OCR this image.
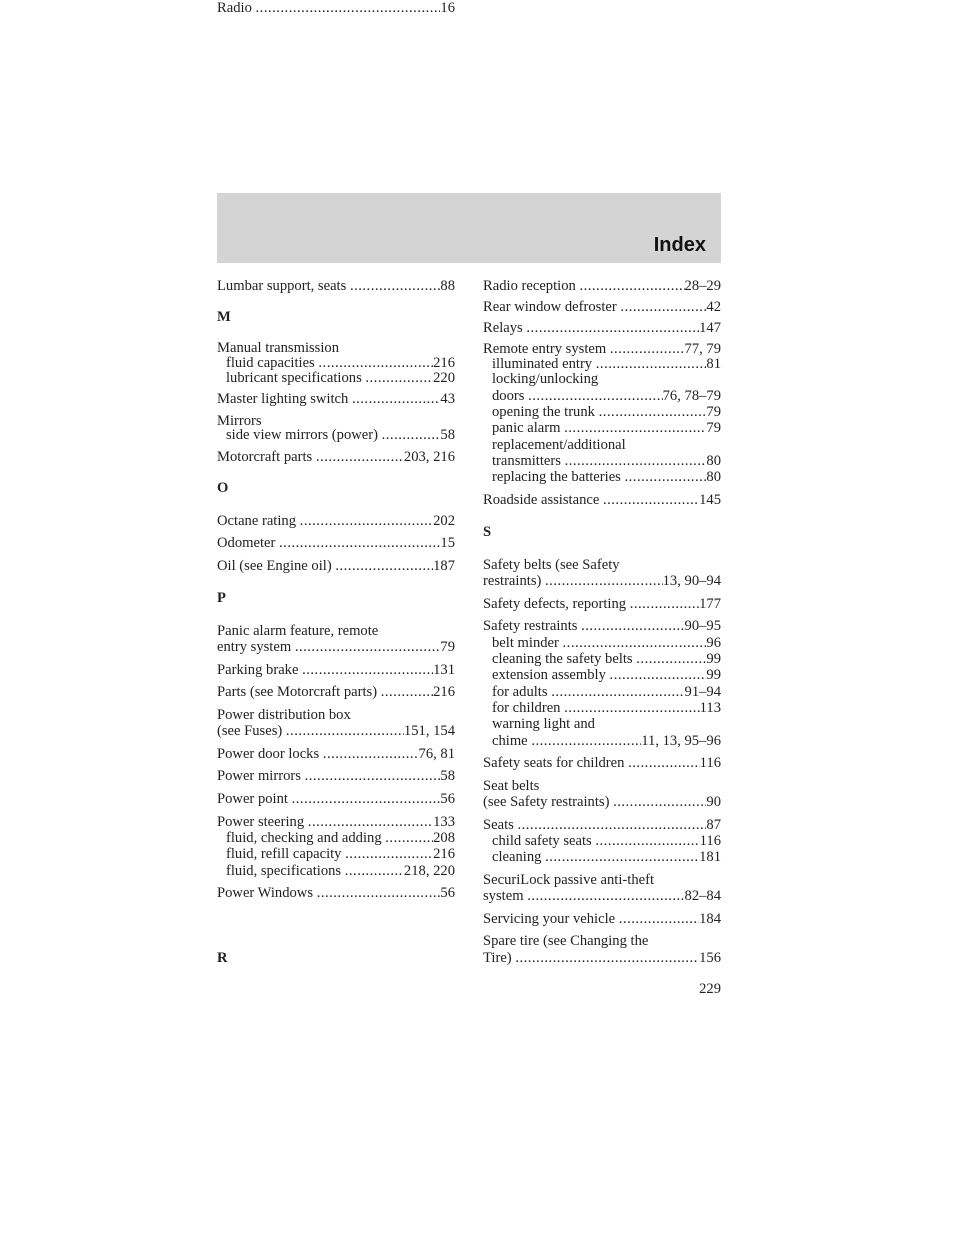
Index
Lumbar support, seats .....	88
M
Manual transmission
fluid capacities .....	216
lubricant specifications .....	220
Master lighting switch .....	43
Mirrors
side view mirrors (power) .....	58
Motorcraft parts .....	203, 216
O
Octane rating .....	202
Odometer .....	15
Oil (see Engine oil) .....	187
P
Panic alarm feature, remote
entry system .....	79
Parking brake .....	131
Parts (see Motorcraft parts) .....	216
Power distribution box
(see Fuses) .....	151, 154
Power door locks .....	76, 81
Power mirrors .....	58
Power point .....	56
Power steering .....	133
fluid, checking and adding .....	208
fluid, refill capacity .....	216
fluid, specifications .....	218, 220
Power Windows .....	56
R
Radio .....	16
Radio reception .....	28–29
Rear window defroster .....	42
Relays .....	147
Remote entry system .....	77, 79
illuminated entry .....	81
locking/unlocking
doors .....	76, 78–79
opening the trunk .....	79
panic alarm .....	79
replacement/additional
transmitters .....	80
replacing the batteries .....	80
Roadside assistance .....	145
S
Safety belts (see Safety
restraints) .....	13, 90–94
Safety defects, reporting .....	177
Safety restraints .....	90–95
belt minder .....	96
cleaning the safety belts .....	99
extension assembly .....	99
for adults .....	91–94
for children .....	113
warning light and
chime .....	11, 13, 95–96
Safety seats for children .....	116
Seat belts
(see Safety restraints) .....	90
Seats .....	87
child safety seats .....	116
cleaning .....	181
SecuriLock passive anti-theft
system .....	82–84
Servicing your vehicle .....	184
Spare tire (see Changing the
Tire) .....	156
229
